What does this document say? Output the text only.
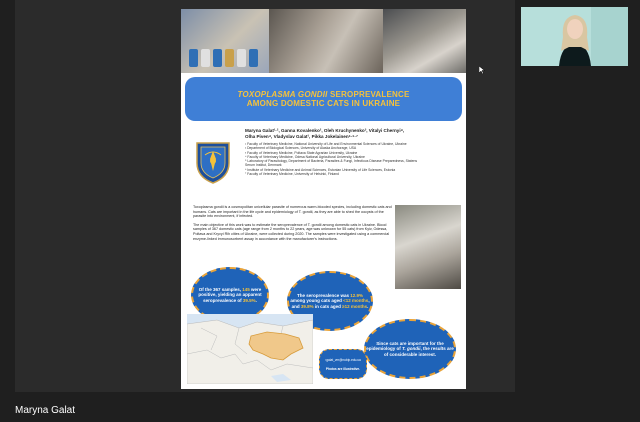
TOXOPLASMA GONDII SEROPREVALENCE
AMONG DOMESTIC CATS IN UKRAINE
Maryna Galat¹·², Ganna Kovalenko², Oleh Kruchynenko³, Vitalyi Chernyi⁴,
Olha Piven⁴, Vladyslav Galat¹, Pikka Jokelainen⁵·⁶·⁷
¹ Faculty of Veterinary Medicine, National University of Life and Environmental Sciences of Ukraine, Ukraine
² Department of Biological Sciences, University of Alaska Anchorage, USA
³ Faculty of Veterinary Medicine, Poltava State Agrarian University, Ukraine
⁴ Faculty of Veterinary Medicine, Odesa National Agricultural University, Ukraine
⁵ Laboratory of Parasitology, Department of Bacteria, Parasites & Fungi, Infectious Disease Preparedness, Statens
Serum Institut, Denmark
⁶ Institute of Veterinary Medicine and Animal Sciences, Estonian University of Life Sciences, Estonia
⁷ Faculty of Veterinary Medicine, University of Helsinki, Finland

Toxoplasma gondii is a cosmopolitan unicellular parasite of numerous warm-blooded species, including domestic cats and humans. Cats are important in the life cycle and epidemiology of T. gondii, as they are able to shed the oocysts of the parasite into environment, if infected.

The main objective of this work was to estimate the seroprevalence of T. gondii among domestic cats in Ukraine. Blood samples of 367 domestic cats (age range from 2 months to 22 years, age was unknown for 55 cats) from Kyiv, Odessa, Poltava and Kryvyi Rih cities of Ukraine, were collected during 2020. The samples were investigated using a commercial enzyme-linked immunosorbent assay in accordance with the manufacturer's instructions.

Of the 367 samples, 145 were positive, yielding an apparent seroprevalence of 39.5%.
The seroprevalence was 12.9% among young cats aged <12 months, and 39.8% in cats aged ≥12 months.
Since cats are important for the epidemiology of T. gondii, the results are of considerable interest.
¹galat_vm@nubip.edu.ua
Photos are illustrative.
Maryna Galat
